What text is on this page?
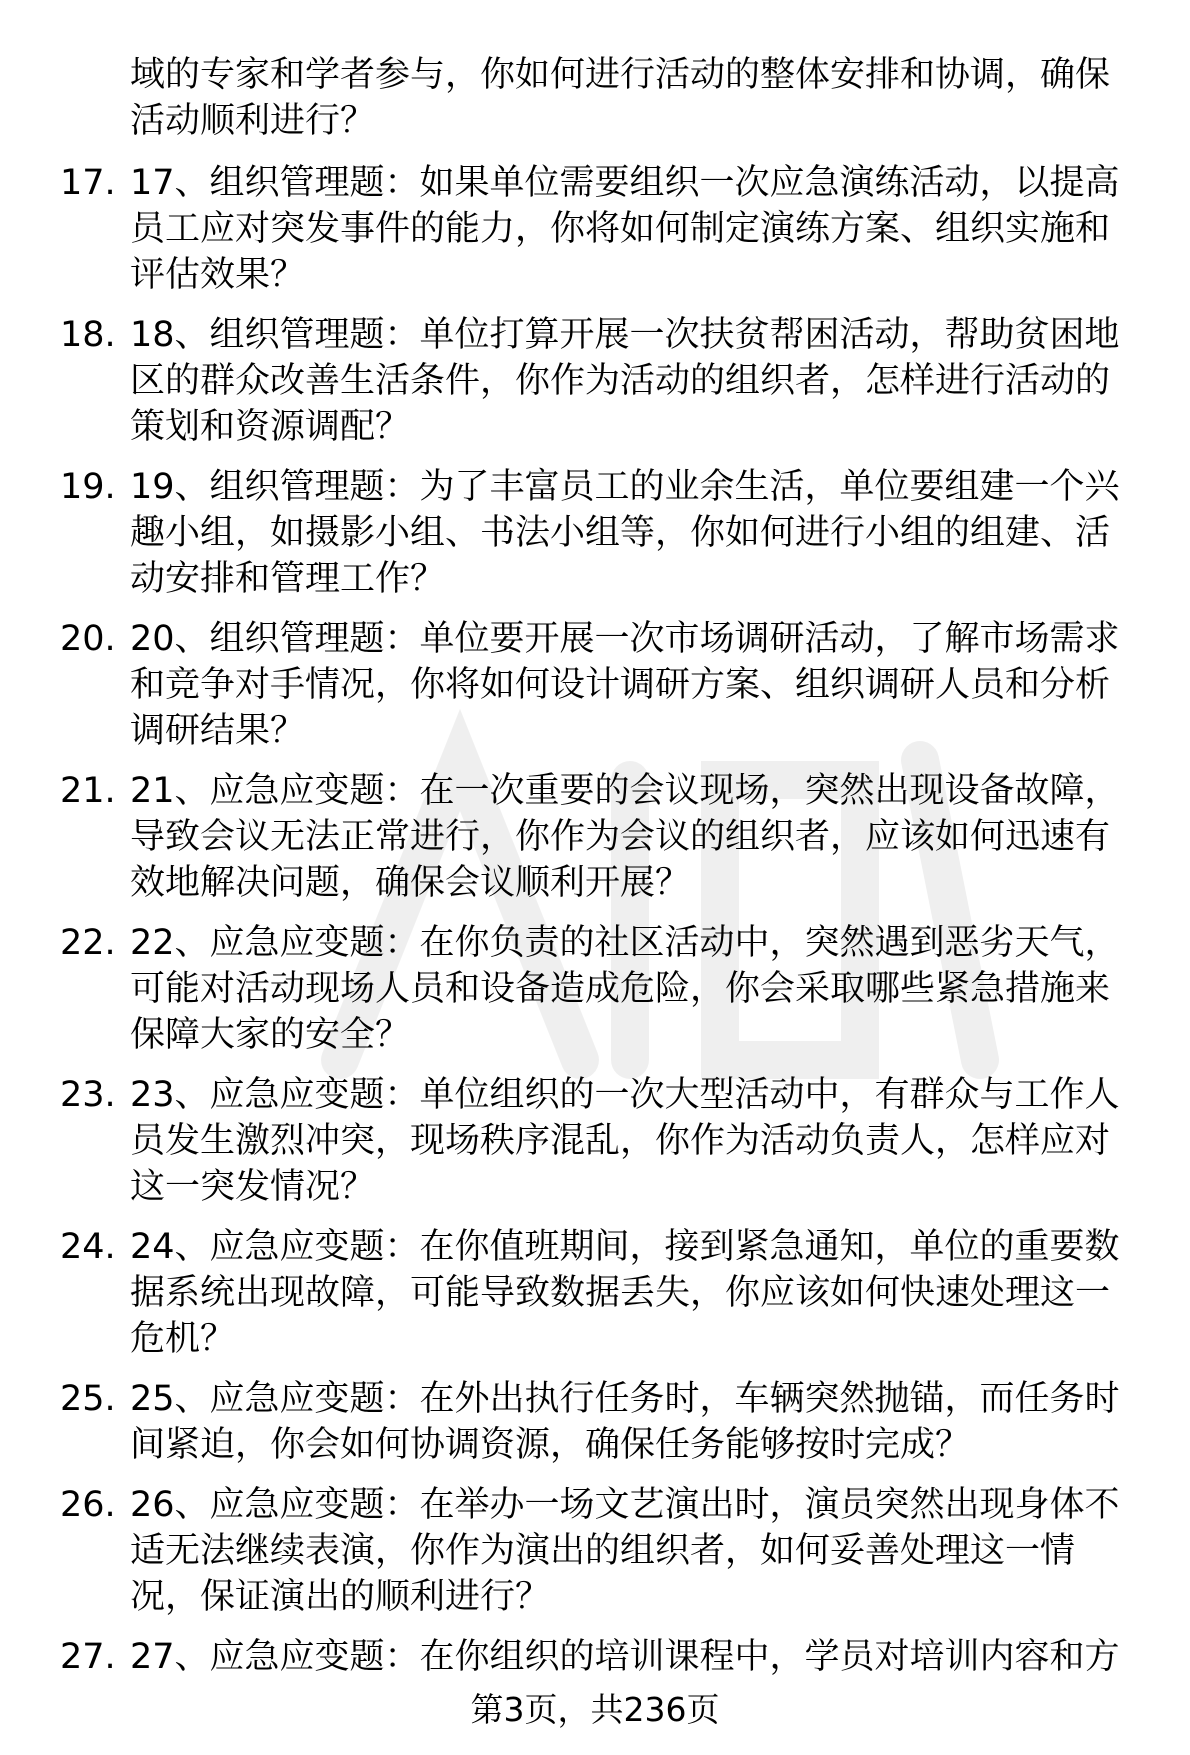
域的专家和学者参与，你如何进行活动的整体安排和协调，确保
活动顺利进行？
17. 17、组织管理题：如果单位需要组织一次应急演练活动，以提高
员工应对突发事件的能力，你将如何制定演练方案、组织实施和
评估效果？
18. 18、组织管理题：单位打算开展一次扶贫帮困活动，帮助贫困地
区的群众改善生活条件，你作为活动的组织者，怎样进行活动的
策划和资源调配？
19. 19、组织管理题：为了丰富员工的业余生活，单位要组建一个兴
趣小组，如摄影小组、书法小组等，你如何进行小组的组建、活
动安排和管理工作？
20. 20、组织管理题：单位要开展一次市场调研活动，了解市场需求
和竞争对手情况，你将如何设计调研方案、组织调研人员和分析
调研结果？
21. 21、应急应变题：在一次重要的会议现场，突然出现设备故障，
导致会议无法正常进行，你作为会议的组织者，应该如何迅速有
效地解决问题，确保会议顺利开展？
22. 22、应急应变题：在你负责的社区活动中，突然遇到恶劣天气，
可能对活动现场人员和设备造成危险，你会采取哪些紧急措施来
保障大家的安全？
23. 23、应急应变题：单位组织的一次大型活动中，有群众与工作人
员发生激烈冲突，现场秩序混乱，你作为活动负责人，怎样应对
这一突发情况？
24. 24、应急应变题：在你值班期间，接到紧急通知，单位的重要数
据系统出现故障，可能导致数据丢失，你应该如何快速处理这一
危机？
25. 25、应急应变题：在外出执行任务时，车辆突然抛锚，而任务时
间紧迫，你会如何协调资源，确保任务能够按时完成？
26. 26、应急应变题：在举办一场文艺演出时，演员突然出现身体不
适无法继续表演，你作为演出的组织者，如何妥善处理这一情
况，保证演出的顺利进行？
27. 27、应急应变题：在你组织的培训课程中，学员对培训内容和方
第3页，共236页
